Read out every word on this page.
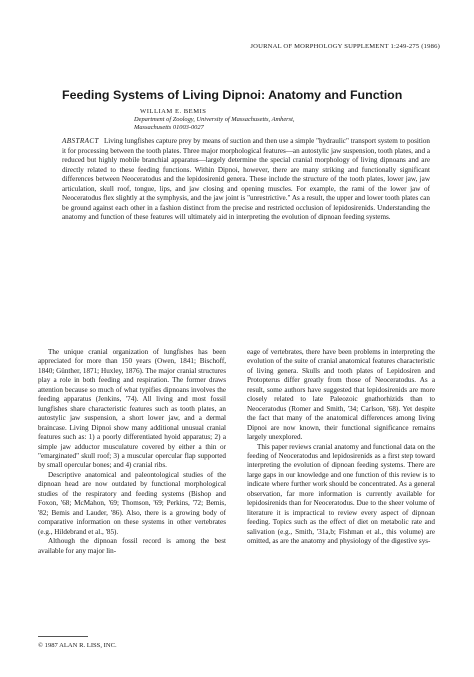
JOURNAL OF MORPHOLOGY SUPPLEMENT 1:249-275 (1986)
Feeding Systems of Living Dipnoi: Anatomy and Function
WILLIAM E. BEMIS
Department of Zoology, University of Massachusetts, Amherst,
Massachusetts 01003-0027
ABSTRACT Living lungfishes capture prey by means of suction and then use a simple "hydraulic" transport system to position it for processing between the tooth plates. Three major morphological features—an autostylic jaw suspension, tooth plates, and a reduced but highly mobile branchial apparatus—largely determine the special cranial morphology of living dipnoans and are directly related to these feeding functions. Within Dipnoi, however, there are many striking and functionally significant differences between Neoceratodus and the lepidosirenid genera. These include the structure of the tooth plates, lower jaw, jaw articulation, skull roof, tongue, lips, and jaw closing and opening muscles. For example, the rami of the lower jaw of Neoceratodus flex slightly at the symphysis, and the jaw joint is "unrestrictive." As a result, the upper and lower tooth plates can be ground against each other in a fashion distinct from the precise and restricted occlusion of lepidosirenids. Understanding the anatomy and function of these features will ultimately aid in interpreting the evolution of dipnoan feeding systems.

The unique cranial organization of lungfishes has been appreciated for more than 150 years (Owen, 1841; Bischoff, 1840; Günther, 1871; Huxley, 1876). The major cranial structures play a role in both feeding and respiration. The former draws attention because so much of what typifies dipnoans involves the feeding apparatus (Jenkins, '74). All living and most fossil lungfishes share characteristic features such as tooth plates, an autostylic jaw suspension, a short lower jaw, and a dermal braincase. Living Dipnoi show many additional unusual cranial features such as: 1) a poorly differentiated hyoid apparatus; 2) a simple jaw adductor musculature covered by either a thin or "emarginated" skull roof; 3) a muscular opercular flap supported by small opercular bones; and 4) cranial ribs.

Descriptive anatomical and paleontological studies of the dipnoan head are now outdated by functional morphological studies of the respiratory and feeding systems (Bishop and Foxon, '68; McMahon, '69; Thomson, '69; Perkins, '72; Bemis, '82; Bemis and Lauder, '86). Also, there is a growing body of comparative information on these systems in other vertebrates (e.g., Hildebrand et al., '85).

Although the dipnoan fossil record is among the best available for any major lin-

eage of vertebrates, there have been problems in interpreting the evolution of the suite of cranial anatomical features characteristic of living genera. Skulls and tooth plates of Lepidosiren and Protopterus differ greatly from those of Neoceratodus. As a result, some authors have suggested that lepidosirenids are more closely related to late Paleozoic gnathorhizids than to Neoceratodus (Romer and Smith, '34; Carlson, '68). Yet despite the fact that many of the anatomical differences among living Dipnoi are now known, their functional significance remains largely unexplored.

This paper reviews cranial anatomy and functional data on the feeding of Neoceratodus and lepidosirenids as a first step toward interpreting the evolution of dipnoan feeding systems. There are large gaps in our knowledge and one function of this review is to indicate where further work should be concentrated. As a general observation, far more information is currently available for lepidosirenids than for Neoceratodus. Due to the sheer volume of literature it is impractical to review every aspect of dipnoan feeding. Topics such as the effect of diet on metabolic rate and salivation (e.g., Smith, '31a,b; Fishman et al., this volume) are omitted, as are the anatomy and physiology of the digestive sys-

© 1987 ALAN R. LISS, INC.
